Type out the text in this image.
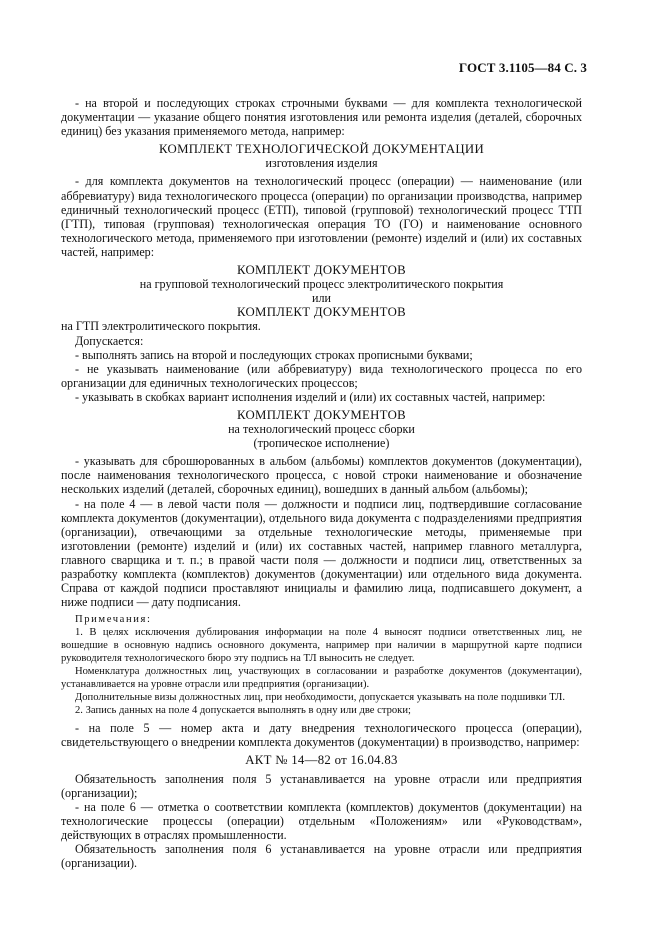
ГОСТ 3.1105—84 С. 3

- на второй и последующих строках строчными буквами — для комплекта технологической документации — указание общего понятия изготовления или ремонта изделия (деталей, сборочных единиц) без указания применяемого метода, например:

КОМПЛЕКТ ТЕХНОЛОГИЧЕСКОЙ ДОКУМЕНТАЦИИ

изготовления изделия

- для комплекта документов на технологический процесс (операции) — наименование (или аббревиатуру) вида технологического процесса (операции) по организации производства, например единичный технологический процесс (ЕТП), типовой (групповой) технологический процесс ТТП (ГТП), типовая (групповая) технологическая операция ТО (ГО) и наименование основного технологического метода, применяемого при изготовлении (ремонте) изделий и (или) их составных частей, например:

КОМПЛЕКТ ДОКУМЕНТОВ

на групповой технологический процесс электролитического покрытия

или

КОМПЛЕКТ ДОКУМЕНТОВ

на ГТП электролитического покрытия.

Допускается:

- выполнять запись на второй и последующих строках прописными буквами;

- не указывать наименование (или аббревиатуру) вида технологического процесса по его организации для единичных технологических процессов;

- указывать в скобках вариант исполнения изделий и (или) их составных частей, например:

КОМПЛЕКТ ДОКУМЕНТОВ

на технологический процесс сборки

(тропическое исполнение)

- указывать для сброшюрованных в альбом (альбомы) комплектов документов (документации), после наименования технологического процесса, с новой строки наименование и обозначение нескольких изделий (деталей, сборочных единиц), вошедших в данный альбом (альбомы);

- на поле 4 — в левой части поля — должности и подписи лиц, подтвердившие согласование комплекта документов (документации), отдельного вида документа с подразделениями предприятия (организации), отвечающими за отдельные технологические методы, применяемые при изготовлении (ремонте) изделий и (или) их составных частей, например главного металлурга, главного сварщика и т. п.; в правой части поля — должности и подписи лиц, ответственных за разработку комплекта (комплектов) документов (документации) или отдельного вида документа. Справа от каждой подписи проставляют инициалы и фамилию лица, подписавшего документ, а ниже подписи — дату подписания.

Примечания:

1. В целях исключения дублирования информации на поле 4 выносят подписи ответственных лиц, не вошедшие в основную надпись основного документа, например при наличии в маршрутной карте подписи руководителя технологического бюро эту подпись на ТЛ выносить не следует.

Номенклатура должностных лиц, участвующих в согласовании и разработке документов (документации), устанавливается на уровне отрасли или предприятия (организации).

Дополнительные визы должностных лиц, при необходимости, допускается указывать на поле подшивки ТЛ.

2. Запись данных на поле 4 допускается выполнять в одну или две строки;

- на поле 5 — номер акта и дату внедрения технологического процесса (операции), свидетельствующего о внедрении комплекта документов (документации) в производство, например:

АКТ № 14—82 от 16.04.83

Обязательность заполнения поля 5 устанавливается на уровне отрасли или предприятия (организации);

- на поле 6 — отметка о соответствии комплекта (комплектов) документов (документации) на технологические процессы (операции) отдельным «Положениям» или «Руководствам», действующих в отраслях промышленности.

Обязательность заполнения поля 6 устанавливается на уровне отрасли или предприятия (организации).
